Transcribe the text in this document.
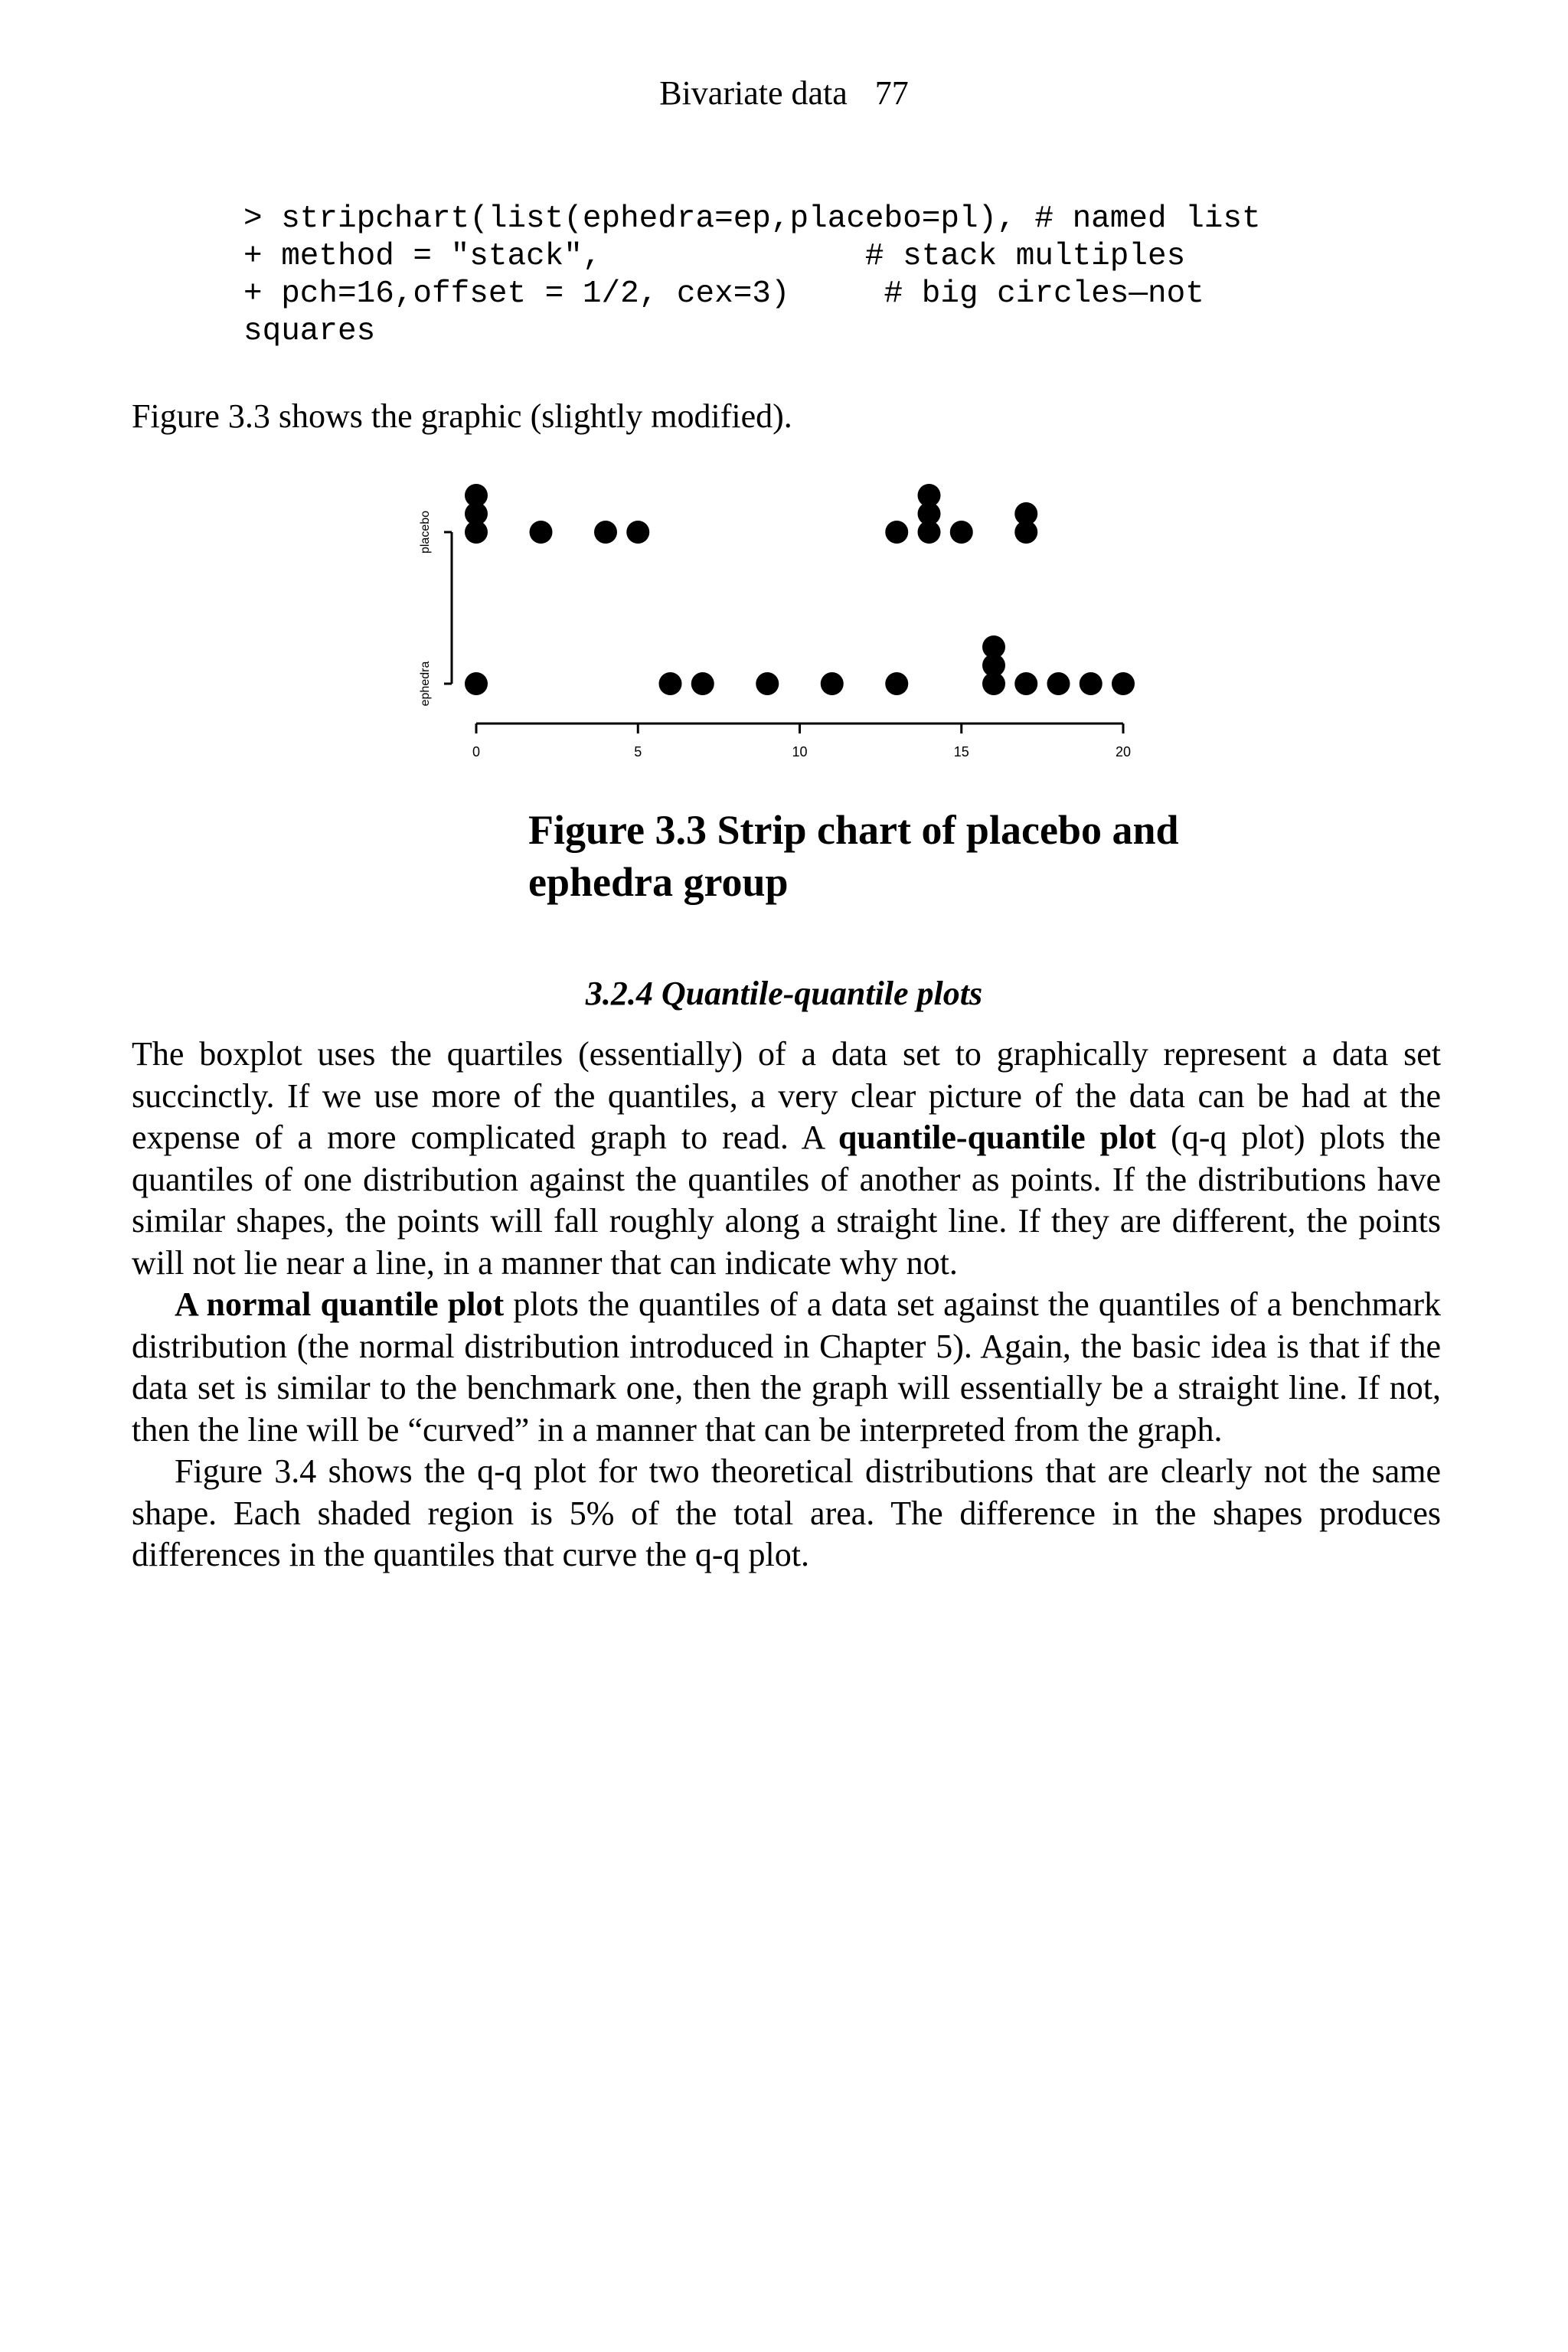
Bivariate data 77
> stripchart(list(ephedra=ep,placebo=pl), # named list
+ method = "stack",              # stack multiples
+ pch=16,offset = 1/2, cex=3)     # big circles—not
squares
Figure 3.3 shows the graphic (slightly modified).
ephedra
placebo
0	5	10	15	20
Figure 3.3 Strip chart of placebo and ephedra group
3.2.4 Quantile-quantile plots

The boxplot uses the quartiles (essentially) of a data set to graphically represent a data set succinctly. If we use more of the quantiles, a very clear picture of the data can be had at the expense of a more complicated graph to read. A quantile-quantile plot (q-q plot) plots the quantiles of one distribution against the quantiles of another as points. If the distributions have similar shapes, the points will fall roughly along a straight line. If they are different, the points will not lie near a line, in a manner that can indicate why not.

A normal quantile plot plots the quantiles of a data set against the quantiles of a benchmark distribution (the normal distribution introduced in Chapter 5). Again, the basic idea is that if the data set is similar to the benchmark one, then the graph will essentially be a straight line. If not, then the line will be “curved” in a manner that can be interpreted from the graph.

Figure 3.4 shows the q-q plot for two theoretical distributions that are clearly not the same shape. Each shaded region is 5% of the total area. The difference in the shapes produces differences in the quantiles that curve the q-q plot.
